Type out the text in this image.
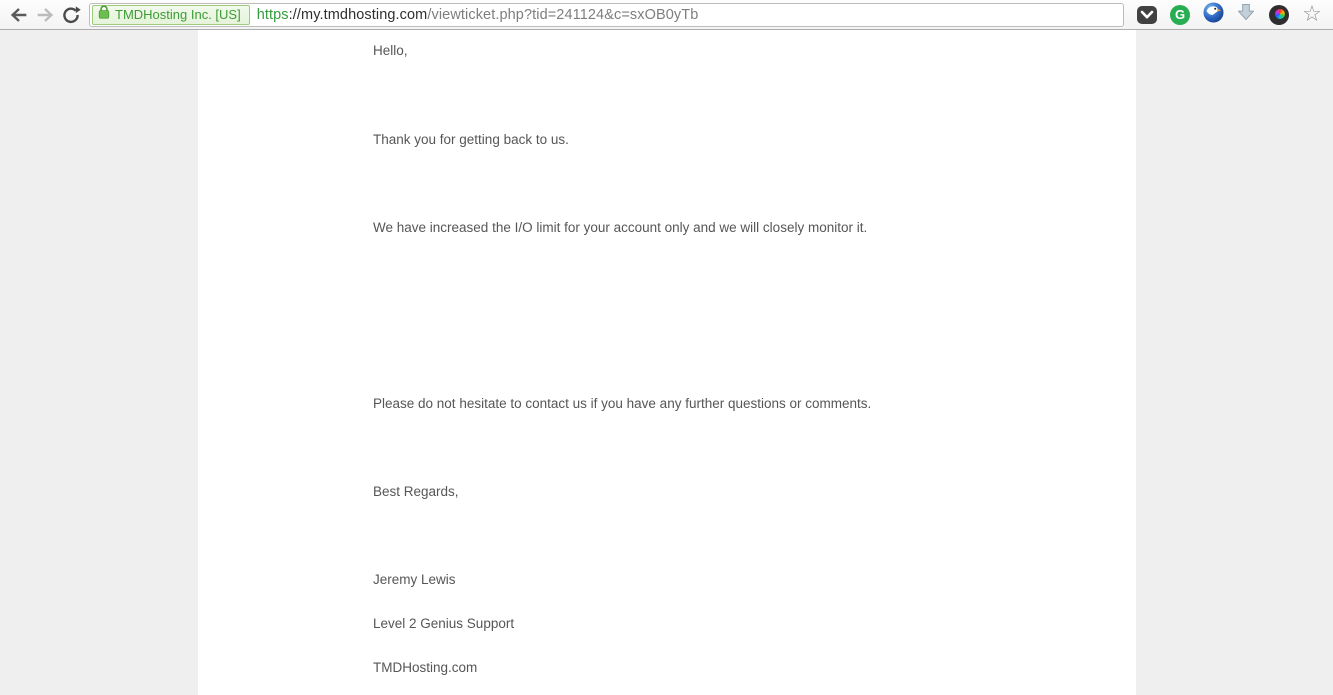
TMDHosting Inc. [US] https://my.tmdhosting.com/viewticket.php?tid=241124&c=sxOB0yTb	G	☆
Hello,
Thank you for getting back to us.
We have increased the I/O limit for your account only and we will closely monitor it.
Please do not hesitate to contact us if you have any further questions or comments.
Best Regards,
Jeremy Lewis
Level 2 Genius Support
TMDHosting.com
